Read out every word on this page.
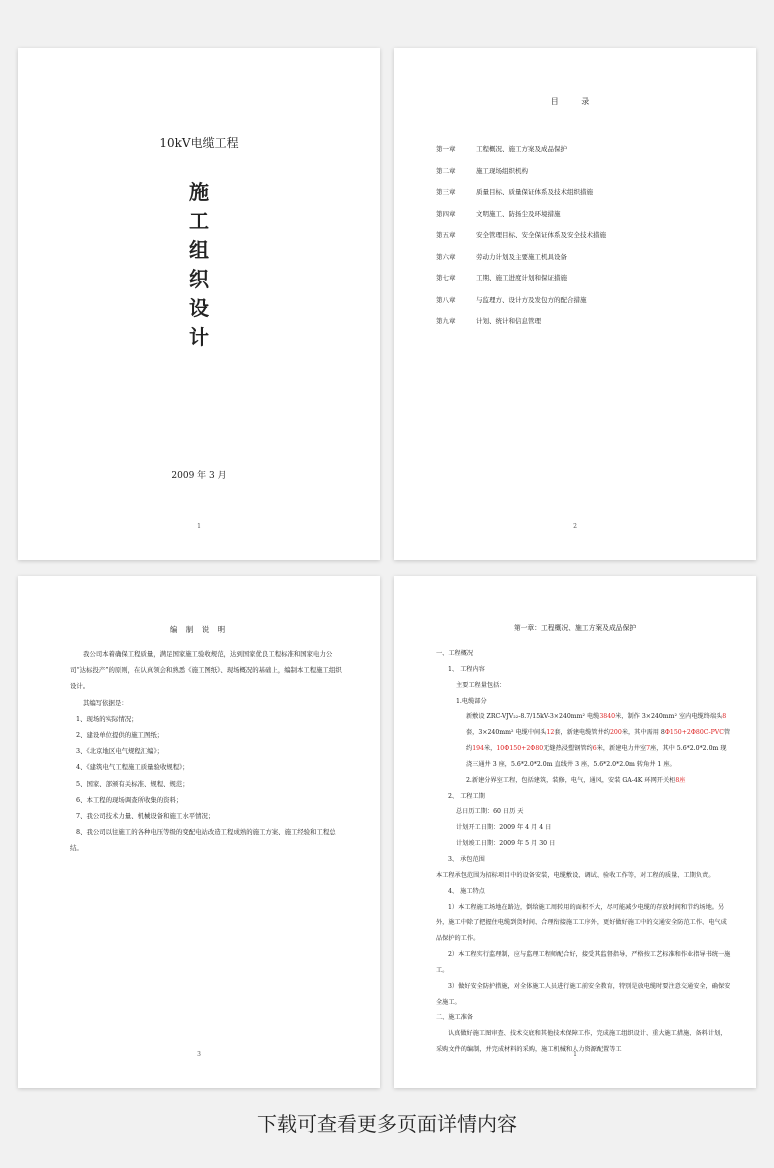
10kV电缆工程
施
工
组
织
设
计
2009 年 3 月
1
目 录
第一章	工程概况、施工方案及成品保护
第二章	施工现场组织机构
第三章	质量目标、质量保证体系及技术组织措施
第四章	文明施工、防扬尘及环境措施
第五章	安全管理目标、安全保证体系及安全技术措施
第六章	劳动力计划及主要施工机具设备
第七章	工期、施工进度计划和保证措施
第八章	与监理方、设计方及发包方的配合措施
第九章	计划、统计和信息管理
2
编 制 说 明

我公司本着确保工程质量，满足国家施工验收规范，达到国家优良工程标准和国家电力公司“达标投产”的原则，在认真领会和熟悉《施工图纸》、现场概况的基础上，编制本工程施工组织设计。

其编写依据是：

1、现场的实际情况；

2、建设单位提供的施工图纸；

3、《北京地区电气规程汇编》；

4、《建筑电气工程施工质量验收规程》；

5、国家、部颁有关标准、规程、规范；

6、本工程的现场调查所收集的资料；

7、我公司技术力量、机械设备和施工水平情况；

8、我公司以往施工的各种电压等级的变配电站改造工程成熟的施工方案、施工经验和工程总结。

3
第一章：工程概况、施工方案及成品保护

一、工程概况

1、 工程内容

主要工程量包括：

1.电缆部分

新敷设 ZRC-VJV₂₂-8.7/15kV-3×240mm² 电缆3840米，制作 3×240mm² 室内电缆终端头8套，3×240mm² 电缆中间头12套，新建电缆管井约200米，其中需用 8Φ150+2Φ80C-PVC管约194米，10Φ150+2Φ80无缝热浸塑钢管约6米，新建电力井室7座，其中 5.6*2.0*2.0m 现浇三通井 3 座，5.6*2.0*2.0m 直线井 3 座，5.6*2.0*2.0m 转角井 1 座。

2.新建分界室工程，包括建筑，装修，电气，通风，安装 GA-4K 环网开关柜8座

2、 工程工期

总日历工期：60 日历 天

计划开工日期：2009 年 4 月 4 日

计划竣工日期：2009 年 5 月 30 日

3、 承包范围

本工程承包范围为招标项目中的设备安装，电缆敷设、调试、验收工作等，对工程的质量、工期负责。

4、 施工特点

1）本工程施工场地在路边，倒给施工周转用的面积不大，尽可能减少电缆的存放时间和节约场地。另外，施工中除了把握住电缆到货时间、合理衔接施工工序外，更好做好施工中的交通安全防范工作、电气成品保护的工作。

2）本工程实行监理制，应与监理工程师配合好，接受其监督指导，严格按工艺标准和作业指导书统一施工。

3）做好安全防护措施，对全体施工人员进行施工前安全教育，特别是放电缆时要注意交通安全，确保安全施工。

二、施工准备

认真做好施工图审查、技术交底和其他技术保障工作，完成施工组织设计、重大施工措施、备料计划，采购文件的编制，并完成材料的采购，施工机械和人力资源配置等工

1
下载可查看更多页面详情内容
